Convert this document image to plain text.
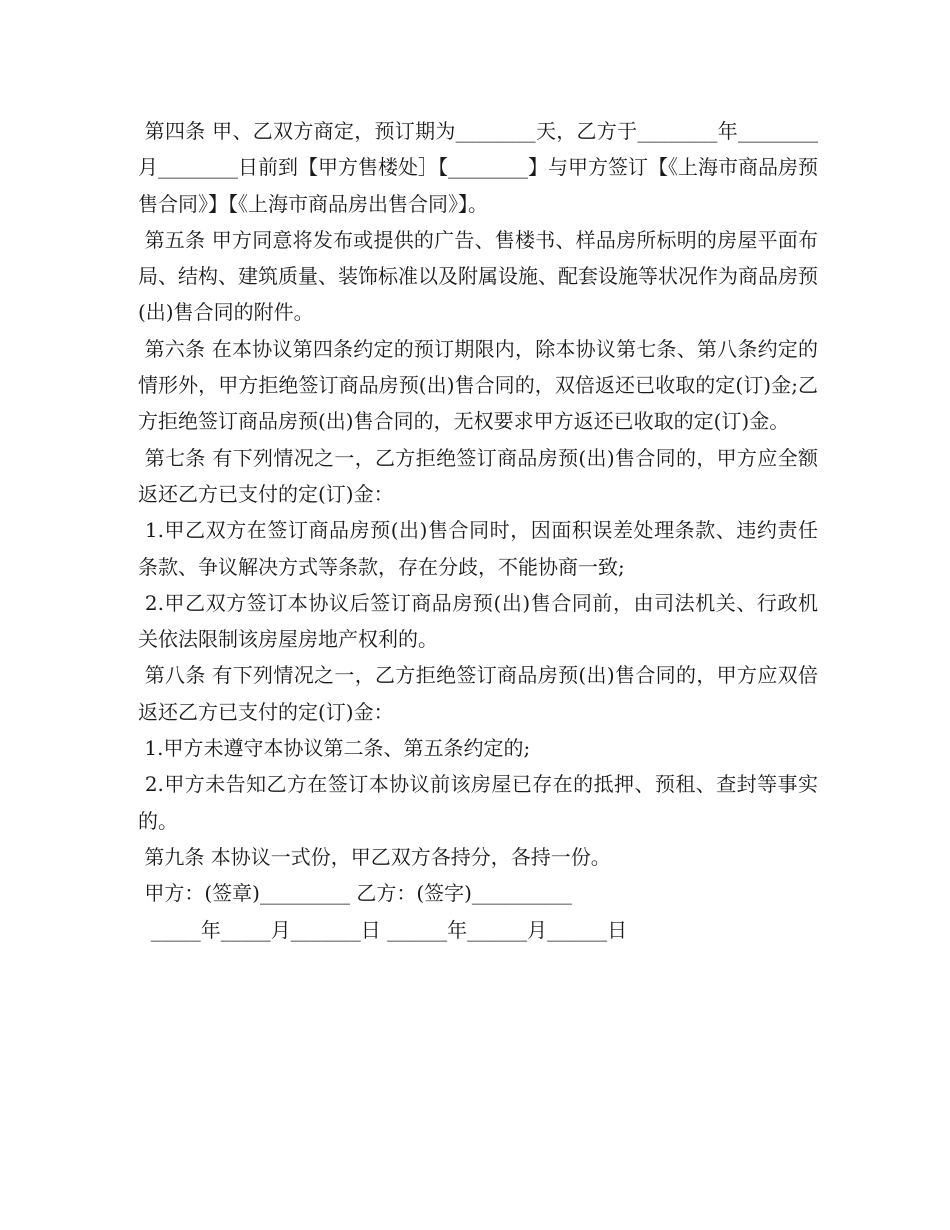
第四条 甲、乙双方商定，预订期为________天，乙方于________年________月________日前到【甲方售楼处］【________】与甲方签订【《上海市商品房预售合同》】【《上海市商品房出售合同》】。

第五条 甲方同意将发布或提供的广告、售楼书、样品房所标明的房屋平面布局、结构、建筑质量、装饰标准以及附属设施、配套设施等状况作为商品房预(出)售合同的附件。

第六条 在本协议第四条约定的预订期限内，除本协议第七条、第八条约定的情形外，甲方拒绝签订商品房预(出)售合同的，双倍返还已收取的定(订)金;乙方拒绝签订商品房预(出)售合同的，无权要求甲方返还已收取的定(订)金。

第七条 有下列情况之一，乙方拒绝签订商品房预(出)售合同的，甲方应全额返还乙方已支付的定(订)金：

1.甲乙双方在签订商品房预(出)售合同时，因面积误差处理条款、违约责任条款、争议解决方式等条款，存在分歧，不能协商一致;

2.甲乙双方签订本协议后签订商品房预(出)售合同前，由司法机关、行政机关依法限制该房屋房地产权利的。

第八条 有下列情况之一，乙方拒绝签订商品房预(出)售合同的，甲方应双倍返还乙方已支付的定(订)金：

1.甲方未遵守本协议第二条、第五条约定的;

2.甲方未告知乙方在签订本协议前该房屋已存在的抵押、预租、查封等事实的。

第九条 本协议一式份，甲乙双方各持分，各持一份。

甲方：(签章)_________ 乙方：(签字)__________

_____年_____月_______日 ______年______月______日
